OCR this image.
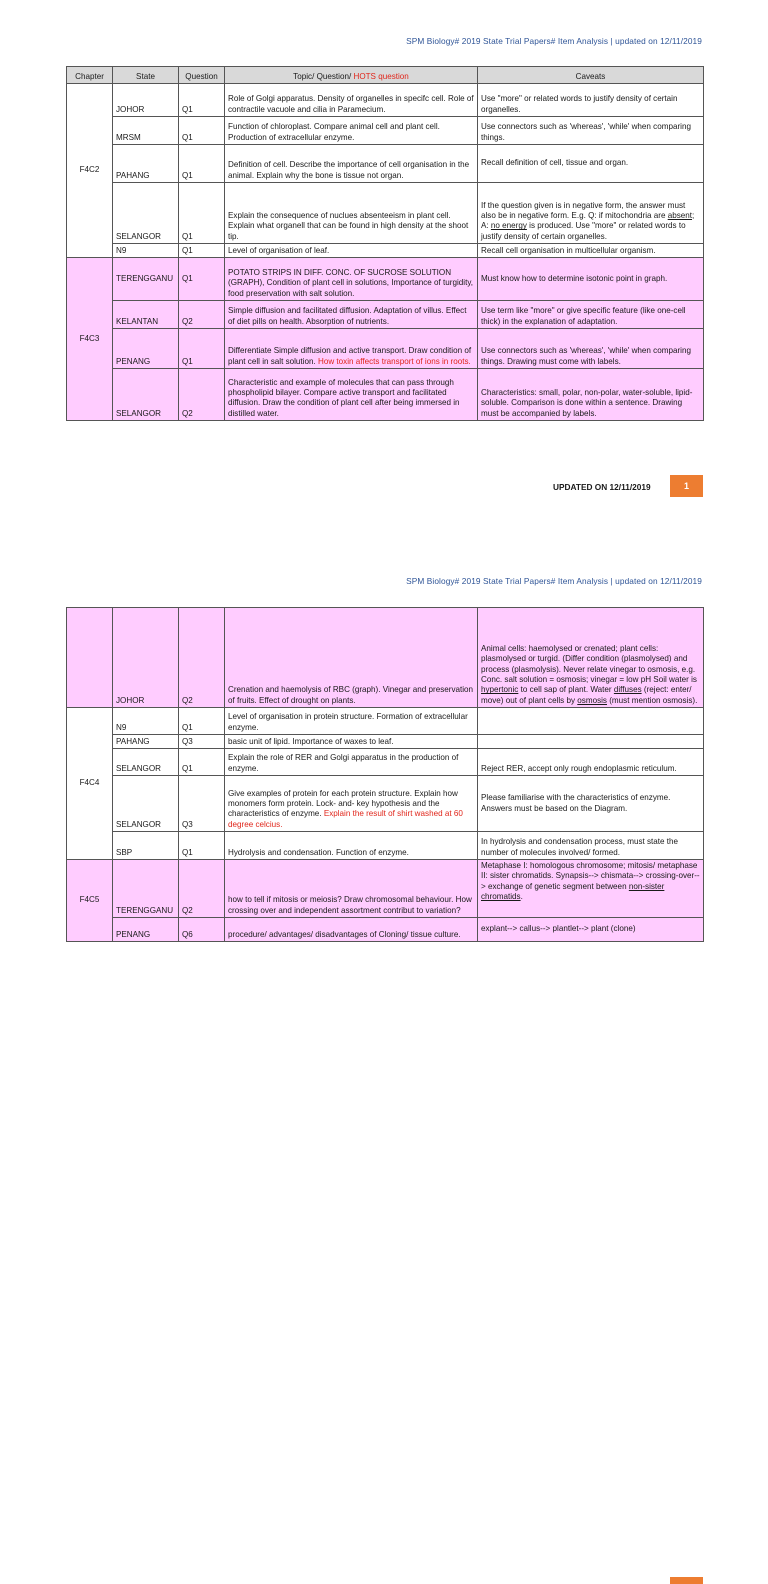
SPM Biology# 2019 State Trial Papers# Item Analysis | updated on 12/11/2019
Chapter	State	Question	Topic/ Question/ HOTS question	Caveats
F4C2	JOHOR	Q1	Role of Golgi apparatus. Density of organelles in specifc cell. Role of contractile vacuole and cilia in Paramecium.	Use "more" or related words to justify density of certain organelles.
	MRSM	Q1	Function of chloroplast. Compare animal cell and plant cell. Production of extracellular enzyme.	Use connectors such as 'whereas', 'while' when comparing things.
	PAHANG	Q1	Definition of cell. Describe the importance of cell organisation in the animal. Explain why the bone is tissue not organ.	Recall definition of cell, tissue and organ.
	SELANGOR	Q1	Explain the consequence of nuclues absenteeism in plant cell. Explain what organell that can be found in high density at the shoot tip.	If the question given is in negative form, the answer must also be in negative form. E.g. Q: if mitochondria are absent; A: no energy is produced. Use "more" or related words to justify density of certain organelles.
	N9	Q1	Level of organisation of leaf.	Recall cell organisation in multicellular organism.
F4C3	TERENGGANU	Q1	POTATO STRIPS IN DIFF. CONC. OF SUCROSE SOLUTION (GRAPH), Condition of plant cell in solutions, Importance of turgidity, food preservation with salt solution.	Must know how to determine isotonic point in graph.
	KELANTAN	Q2	Simple diffusion and facilitated diffusion. Adaptation of villus. Effect of diet pills on health. Absorption of nutrients.	Use term like "more" or give specific feature (like one-cell thick) in the explanation of adaptation.
	PENANG	Q1	Differentiate Simple diffusion and active transport. Draw condition of plant cell in salt solution. How toxin affects transport of ions in roots.	Use connectors such as 'whereas', 'while' when comparing things. Drawing must come with labels.
	SELANGOR	Q2	Characteristic and example of molecules that can pass through phospholipid bilayer. Compare active transport and facilitated diffusion. Draw the condition of plant cell after being immersed in distilled water.	Characteristics: small, polar, non-polar, water-soluble, lipid-soluble. Comparison is done within a sentence. Drawing must be accompanied by labels.
UPDATED ON 12/11/2019	1
SPM Biology# 2019 State Trial Papers# Item Analysis | updated on 12/11/2019
	JOHOR	Q2	Crenation and haemolysis of RBC (graph). Vinegar and preservation of fruits. Effect of drought on plants.	Animal cells: haemolysed or crenated; plant cells: plasmolysed or turgid. (Differ condition (plasmolysed) and process (plasmolysis). Never relate vinegar to osmosis, e.g. Conc. salt solution = osmosis; vinegar = low pH Soil water is hypertonic to cell sap of plant. Water diffuses (reject: enter/ move) out of plant cells by osmosis (must mention osmosis).
F4C4	N9	Q1	Level of organisation in protein structure. Formation of extracellular enzyme.	
	PAHANG	Q3	basic unit of lipid. Importance of waxes to leaf.	
	SELANGOR	Q1	Explain the role of RER and Golgi apparatus in the production of enzyme.	Reject RER, accept only rough endoplasmic reticulum.
	SELANGOR	Q3	Give examples of protein for each protein structure. Explain how monomers form protein. Lock- and- key hypothesis and the characteristics of enzyme. Explain the result of shirt washed at 60 degree celcius.	Please familiarise with the characteristics of enzyme. Answers must be based on the Diagram.
	SBP	Q1	Hydrolysis and condensation. Function of enzyme.	In hydrolysis and condensation process, must state the number of molecules involved/ formed.
F4C5	TERENGGANU	Q2	how to tell if mitosis or meiosis? Draw chromosomal behaviour. How crossing over and independent assortment contribut to variation?	Metaphase I: homologous chromosome; mitosis/ metaphase II: sister chromatids. Synapsis--> chismata--> crossing-over--> exchange of genetic segment between non-sister chromatids.
	PENANG	Q6	procedure/ advantages/ disadvantages of Cloning/ tissue culture.	explant--> callus--> plantlet--> plant (clone)
